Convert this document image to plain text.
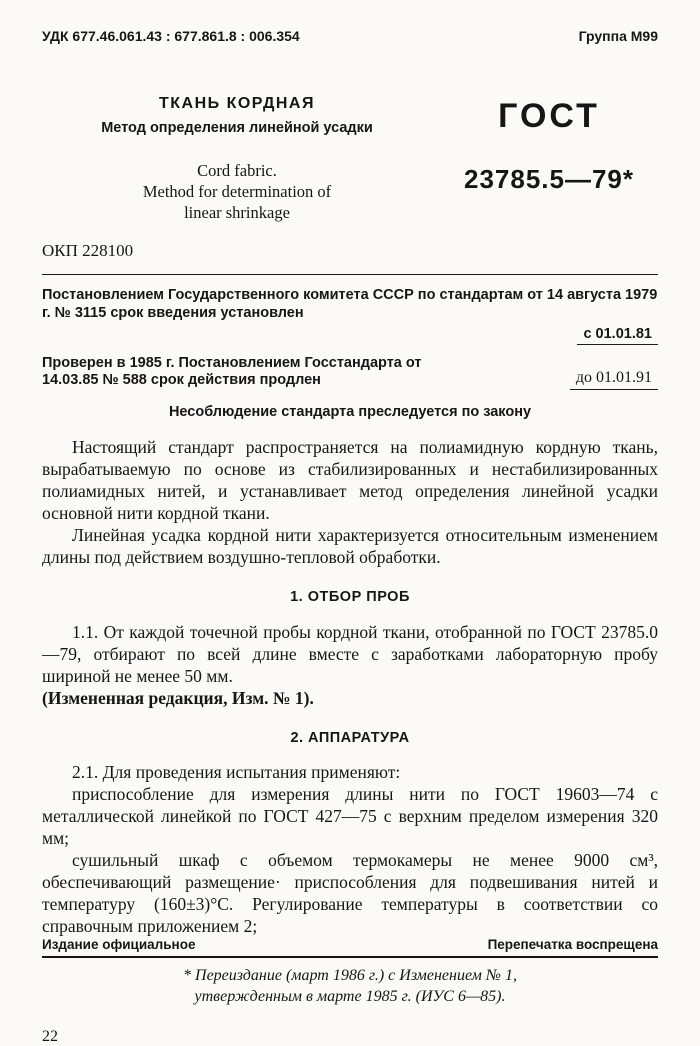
УДК 677.46.061.43 : 677.861.8 : 006.354	Группа М99
ТКАНЬ КОРДНАЯ
Метод определения линейной усадки
Cord fabric.
Method for determination of
linear shrinkage
ГОСТ
23785.5—79*
ОКП 228100
Постановлением Государственного комитета СССР по стандартам от 14 августа 1979 г. № 3115 срок введения установлен
с 01.01.81
Проверен в 1985 г. Постановлением Госстандарта от 14.03.85 № 588 срок действия продлен	до 01.01.91
Несоблюдение стандарта преследуется по закону

Настоящий стандарт распространяется на полиамидную кордную ткань, вырабатываемую по основе из стабилизированных и нестабилизированных полиамидных нитей, и устанавливает метод определения линейной усадки основной нити кордной ткани.

Линейная усадка кордной нити характеризуется относительным изменением длины под действием воздушно-тепловой обработки.

1. ОТБОР ПРОБ

1.1. От каждой точечной пробы кордной ткани, отобранной по ГОСТ 23785.0—79, отбирают по всей длине вместе с заработками лабораторную пробу шириной не менее 50 мм.

(Измененная редакция, Изм. № 1).

2. АППАРАТУРА

2.1. Для проведения испытания применяют:

приспособление для измерения длины нити по ГОСТ 19603—74 с металлической линейкой по ГОСТ 427—75 с верхним пределом измерения 320 мм;

сушильный шкаф с объемом термокамеры не менее 9000 см³, обеспечивающий размещение· приспособления для подвешивания нитей и температуру (160±3)°С. Регулирование температуры в соответствии со справочным приложением 2;

Издание официальное	Перепечатка воспрещена
* Переиздание (март 1986 г.) с Изменением № 1,
утвержденным в марте 1985 г. (ИУС 6—85).
22
